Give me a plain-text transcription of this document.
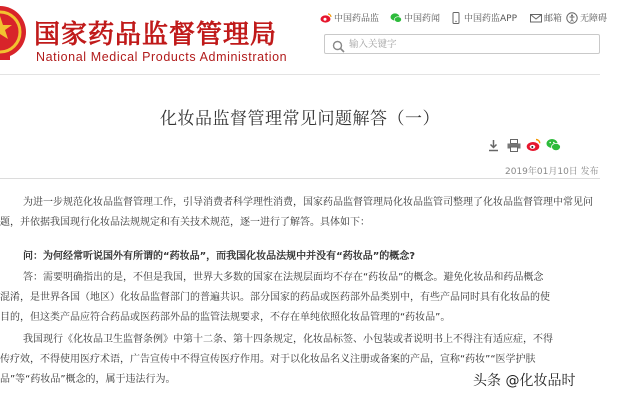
国家药品监督管理局
National Medical Products Administration
中国药品监	中国药闻	中国药监APP	邮箱 无障碍
输入关键字
化妆品监督管理常见问题解答（一）
2019年01月10日 发布
为进一步规范化妆品监督管理工作，引导消费者科学理性消费，国家药品监督管理局化妆品监管司整理了化妆品监督管理中常见问
题，并依据我国现行化妆品法规规定和有关技术规范，逐一进行了解答。具体如下：
问：为何经常听说国外有所谓的“药妆品”，而我国化妆品法规中并没有“药妆品”的概念?
答：需要明确指出的是，不但是我国，世界大多数的国家在法规层面均不存在“药妆品”的概念。避免化妆品和药品概念
混淆，是世界各国（地区）化妆品监督部门的普遍共识。部分国家的药品或医药部外品类别中，有些产品同时具有化妆品的使
目的，但这类产品应符合药品或医药部外品的监管法规要求，不存在单纯依照化妆品管理的“药妆品”。
我国现行《化妆品卫生监督条例》中第十二条、第十四条规定，化妆品标签、小包装或者说明书上不得注有适应症，不得
传疗效，不得使用医疗术语，广告宣传中不得宣传医疗作用。对于以化妆品名义注册或备案的产品，宣称“药妆”“医学护肤
品”等“药妆品”概念的，属于违法行为。	头条 @化妆品时
